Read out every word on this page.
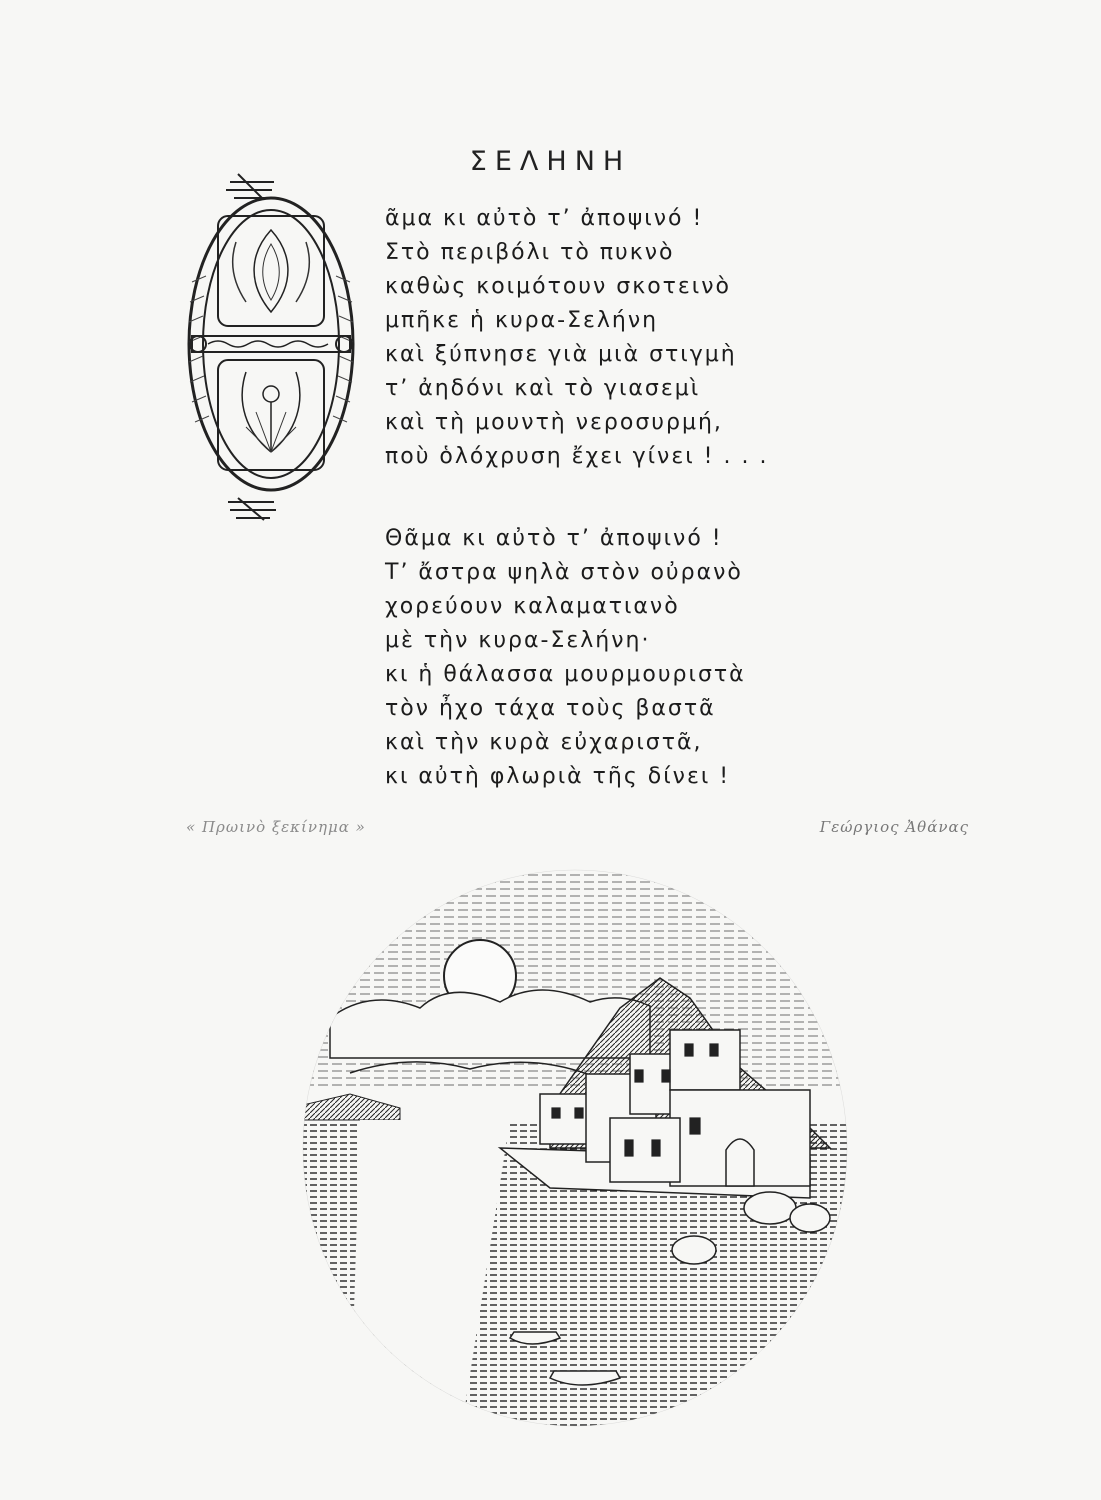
ΣΕΛΗΝΗ
ᾶμα κι αὐτὸ τ’ ἀποψινό !
Στὸ περιβόλι τὸ πυκνὸ
καθὼς κοιμότουν σκοτεινὸ
μπῆκε ἡ κυρα-Σελήνη
καὶ ξύπνησε γιὰ μιὰ στιγμὴ
τ’ ἀηδόνι καὶ τὸ γιασεμὶ
καὶ τὴ μουντὴ νεροσυρμή,
ποὺ ὁλόχρυση ἔχει γίνει ! . . .
Θᾶμα κι αὐτὸ τ’ ἀποψινό !
Τ’ ἄστρα ψηλὰ στὸν οὐρανὸ
χορεύουν καλαματιανὸ
μὲ τὴν κυρα-Σελήνη·
κι ἡ θάλασσα μουρμουριστὰ
τὸν ἦχο τάχα τοὺς βαστᾶ
καὶ τὴν κυρὰ εὐχαριστᾶ,
κι αὐτὴ φλωριὰ τῆς δίνει !
« Πρωινὸ ξεκίνημα »	Γεώργιος Ἀθάνας
